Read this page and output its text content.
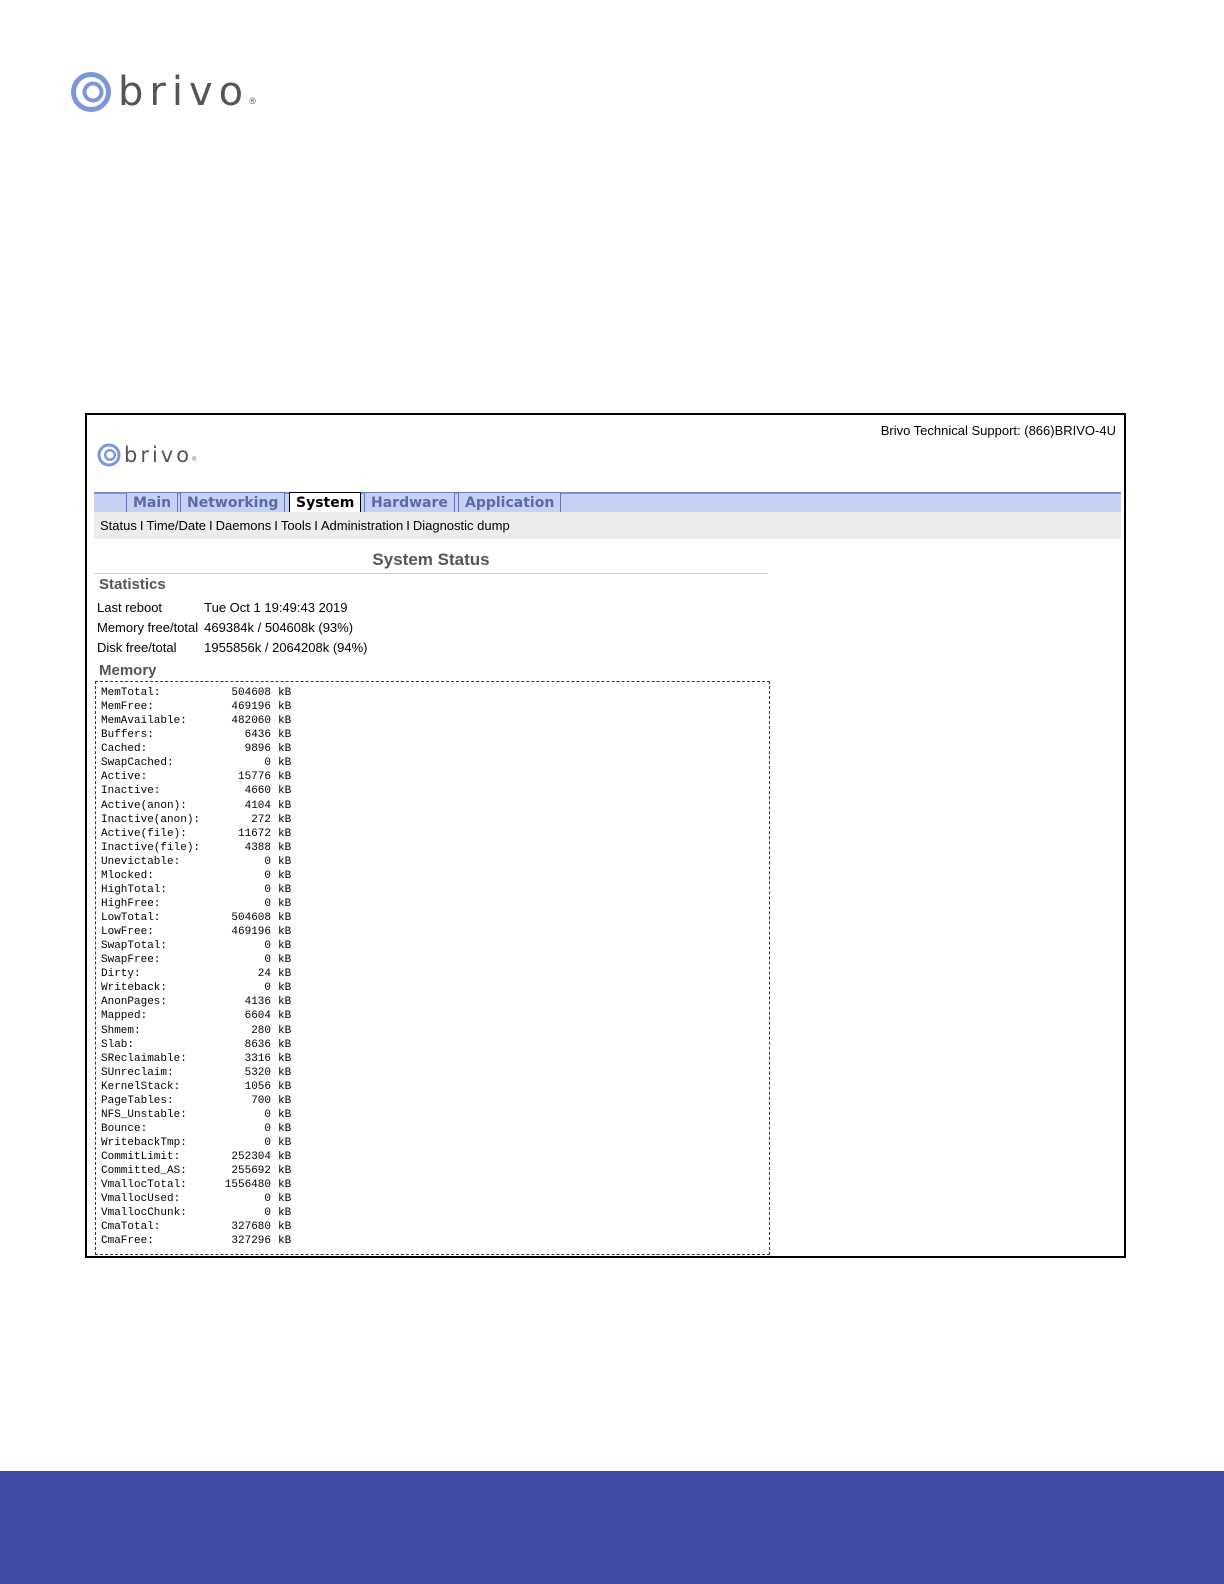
brivo ®
Brivo Technical Support: (866)BRIVO-4U
brivo ®
Main	Networking	System	Hardware	Application
Status I Time/Date I Daemons I Tools I Administration I Diagnostic dump
System Status
Statistics
Last reboot	Tue Oct 1 19:49:43 2019
Memory free/total	469384k / 504608k (93%)
Disk free/total	1955856k / 2064208k (94%)
Memory
MemTotal:	504608 kB
MemFree:	469196 kB
MemAvailable:	482060 kB
Buffers:	6436 kB
Cached:	9896 kB
SwapCached:	0 kB
Active:	15776 kB
Inactive:	4660 kB
Active(anon):	4104 kB
Inactive(anon):	272 kB
Active(file):	11672 kB
Inactive(file):	4388 kB
Unevictable:	0 kB
Mlocked:	0 kB
HighTotal:	0 kB
HighFree:	0 kB
LowTotal:	504608 kB
LowFree:	469196 kB
SwapTotal:	0 kB
SwapFree:	0 kB
Dirty:	24 kB
Writeback:	0 kB
AnonPages:	4136 kB
Mapped:	6604 kB
Shmem:	280 kB
Slab:	8636 kB
SReclaimable:	3316 kB
SUnreclaim:	5320 kB
KernelStack:	1056 kB
PageTables:	700 kB
NFS_Unstable:	0 kB
Bounce:	0 kB
WritebackTmp:	0 kB
CommitLimit:	252304 kB
Committed_AS:	255692 kB
VmallocTotal:	1556480 kB
VmallocUsed:	0 kB
VmallocChunk:	0 kB
CmaTotal:	327680 kB
CmaFree:	327296 kB
